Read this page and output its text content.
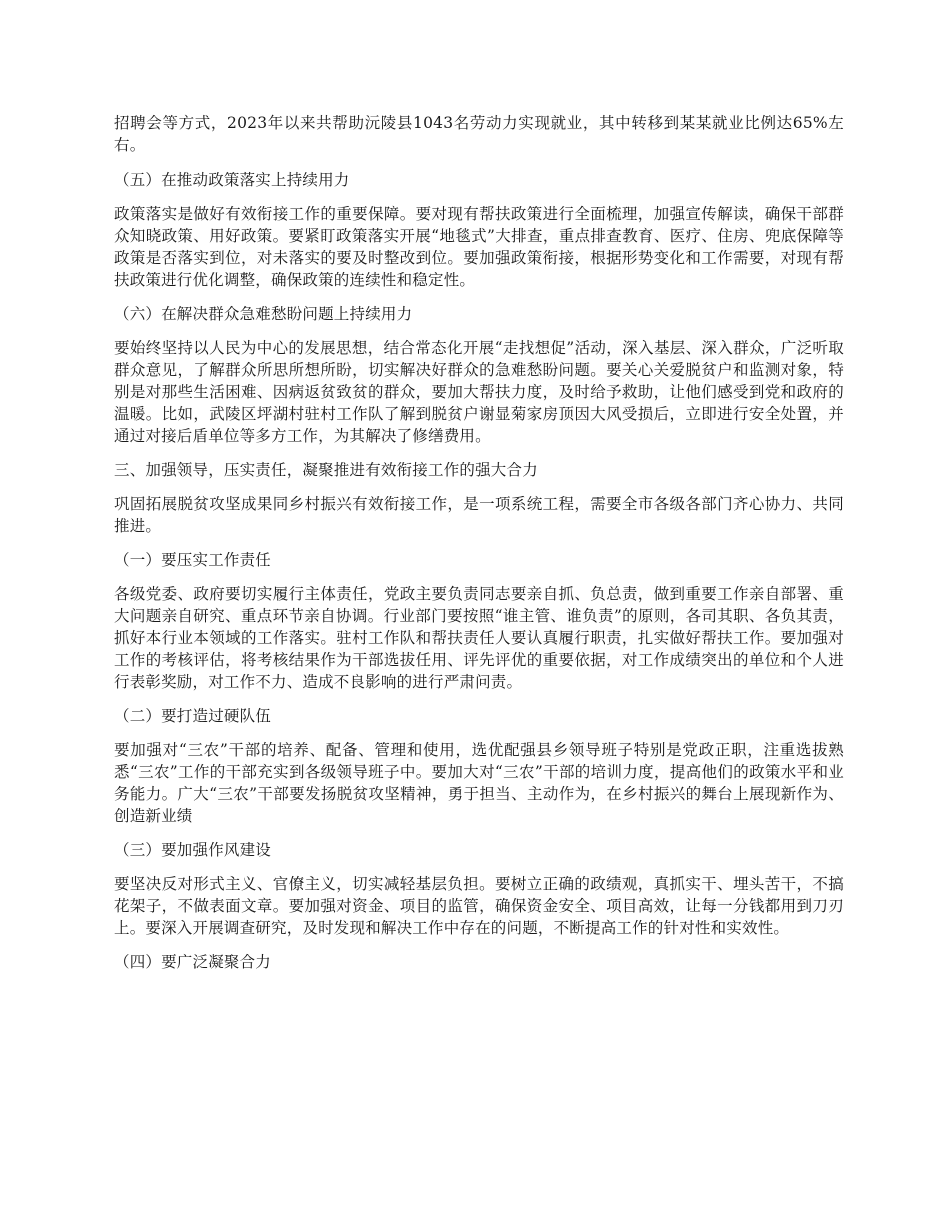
招聘会等方式，2023年以来共帮助沅陵县1043名劳动力实现就业，其中转移到某某就业比例达65%左右。

（五）在推动政策落实上持续用力

政策落实是做好有效衔接工作的重要保障。要对现有帮扶政策进行全面梳理，加强宣传解读，确保干部群众知晓政策、用好政策。要紧盯政策落实开展“地毯式”大排查，重点排查教育、医疗、住房、兜底保障等政策是否落实到位，对未落实的要及时整改到位。要加强政策衔接，根据形势变化和工作需要，对现有帮扶政策进行优化调整，确保政策的连续性和稳定性。

（六）在解决群众急难愁盼问题上持续用力

要始终坚持以人民为中心的发展思想，结合常态化开展“走找想促”活动，深入基层、深入群众，广泛听取群众意见，了解群众所思所想所盼，切实解决好群众的急难愁盼问题。要关心关爱脱贫户和监测对象，特别是对那些生活困难、因病返贫致贫的群众，要加大帮扶力度，及时给予救助，让他们感受到党和政府的温暖。比如，武陵区坪湖村驻村工作队了解到脱贫户谢显菊家房顶因大风受损后，立即进行安全处置，并通过对接后盾单位等多方工作，为其解决了修缮费用。

三、加强领导，压实责任，凝聚推进有效衔接工作的强大合力

巩固拓展脱贫攻坚成果同乡村振兴有效衔接工作，是一项系统工程，需要全市各级各部门齐心协力、共同推进。

（一）要压实工作责任

各级党委、政府要切实履行主体责任，党政主要负责同志要亲自抓、负总责，做到重要工作亲自部署、重大问题亲自研究、重点环节亲自协调。行业部门要按照“谁主管、谁负责”的原则，各司其职、各负其责，抓好本行业本领域的工作落实。驻村工作队和帮扶责任人要认真履行职责，扎实做好帮扶工作。要加强对工作的考核评估，将考核结果作为干部选拔任用、评先评优的重要依据，对工作成绩突出的单位和个人进行表彰奖励，对工作不力、造成不良影响的进行严肃问责。

（二）要打造过硬队伍

要加强对“三农”干部的培养、配备、管理和使用，选优配强县乡领导班子特别是党政正职，注重选拔熟悉“三农”工作的干部充实到各级领导班子中。要加大对“三农”干部的培训力度，提高他们的政策水平和业务能力。广大“三农”干部要发扬脱贫攻坚精神，勇于担当、主动作为，在乡村振兴的舞台上展现新作为、创造新业绩

（三）要加强作风建设

要坚决反对形式主义、官僚主义，切实减轻基层负担。要树立正确的政绩观，真抓实干、埋头苦干，不搞花架子，不做表面文章。要加强对资金、项目的监管，确保资金安全、项目高效，让每一分钱都用到刀刃上。要深入开展调查研究，及时发现和解决工作中存在的问题，不断提高工作的针对性和实效性。

（四）要广泛凝聚合力
